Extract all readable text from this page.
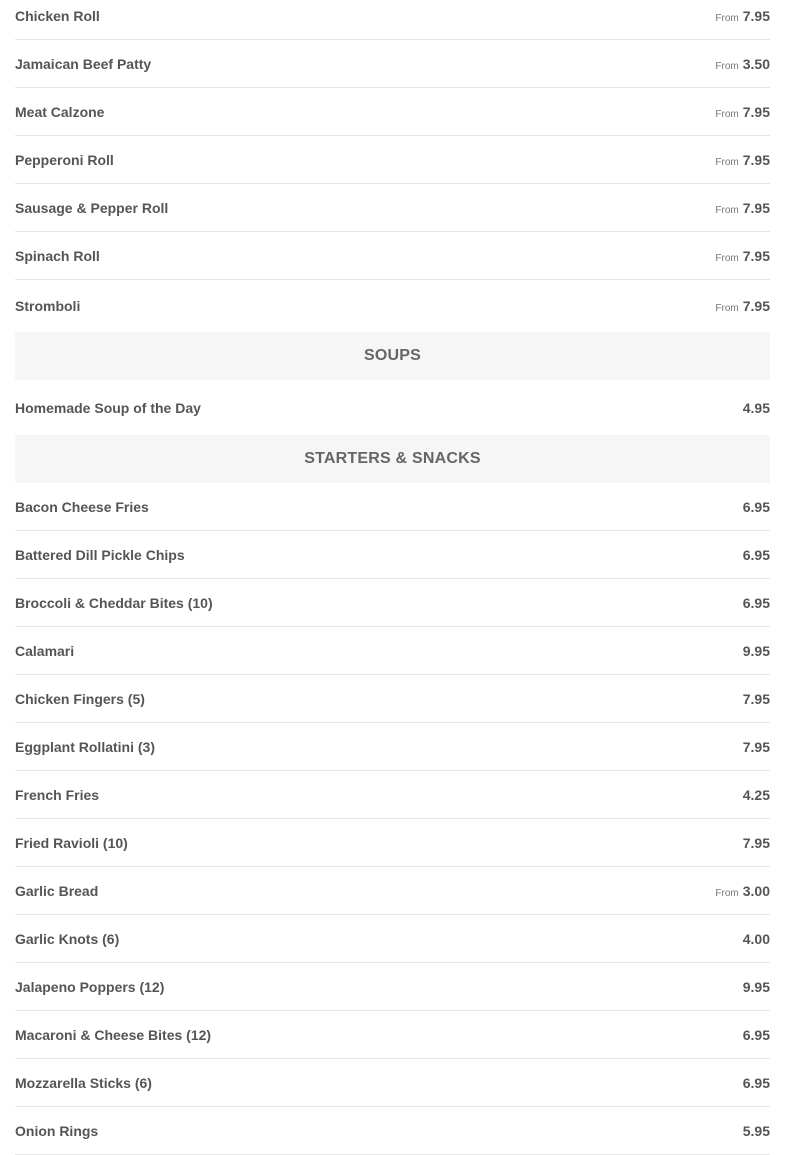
Chicken Roll	From 7.95
Jamaican Beef Patty	From 3.50
Meat Calzone	From 7.95
Pepperoni Roll	From 7.95
Sausage & Pepper Roll	From 7.95
Spinach Roll	From 7.95
Stromboli	From 7.95
SOUPS
Homemade Soup of the Day	4.95
STARTERS & SNACKS
Bacon Cheese Fries	6.95
Battered Dill Pickle Chips	6.95
Broccoli & Cheddar Bites (10)	6.95
Calamari	9.95
Chicken Fingers (5)	7.95
Eggplant Rollatini (3)	7.95
French Fries	4.25
Fried Ravioli (10)	7.95
Garlic Bread	From 3.00
Garlic Knots (6)	4.00
Jalapeno Poppers (12)	9.95
Macaroni & Cheese Bites (12)	6.95
Mozzarella Sticks (6)	6.95
Onion Rings	5.95
